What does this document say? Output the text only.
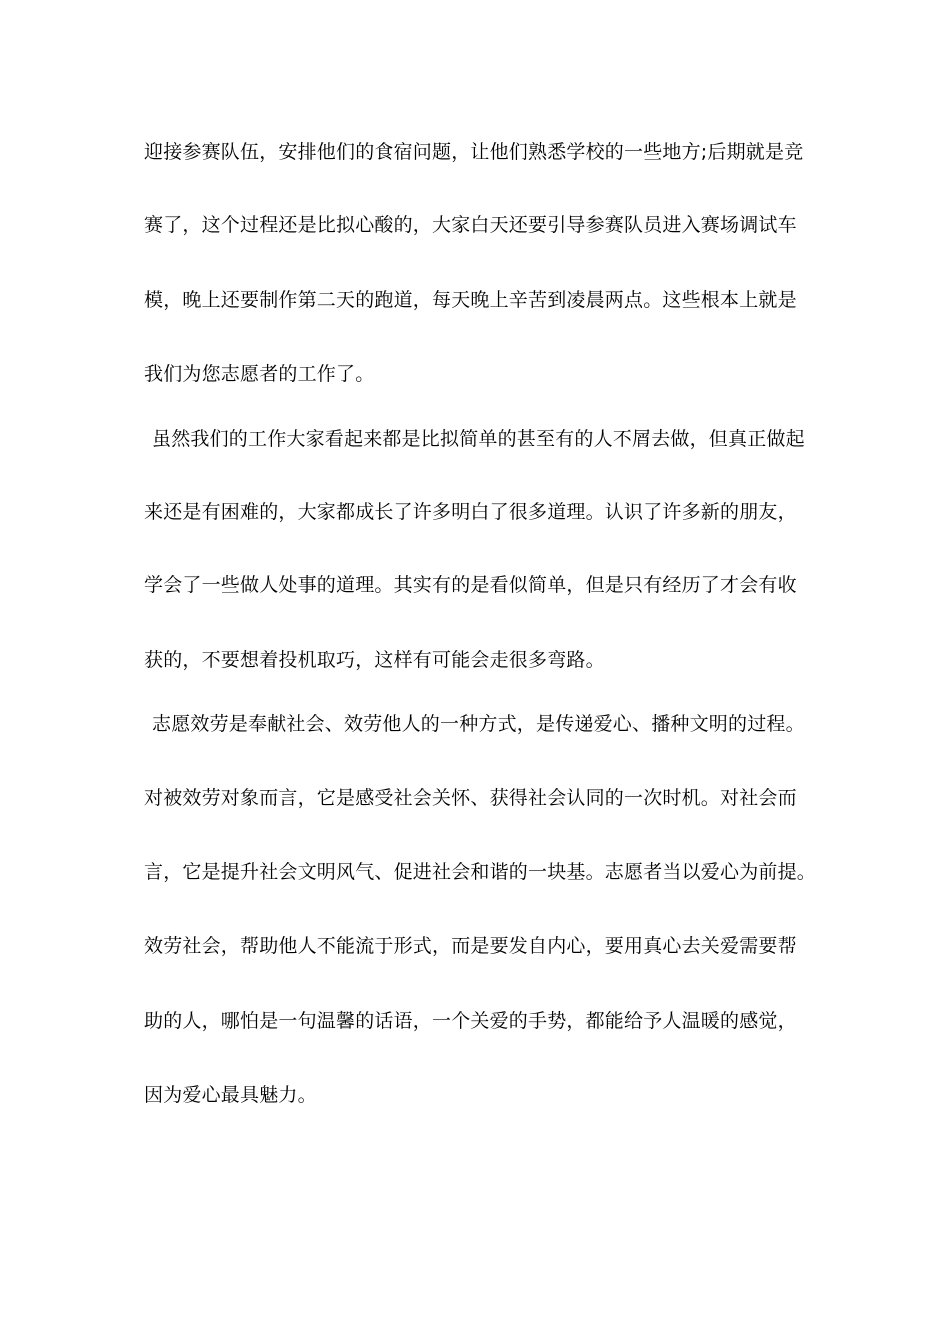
迎接参赛队伍，安排他们的食宿问题，让他们熟悉学校的一些地方;后期就是竞
赛了，这个过程还是比拟心酸的，大家白天还要引导参赛队员进入赛场调试车
模，晚上还要制作第二天的跑道，每天晚上辛苦到凌晨两点。这些根本上就是
我们为您志愿者的工作了。
虽然我们的工作大家看起来都是比拟简单的甚至有的人不屑去做，但真正做起
来还是有困难的，大家都成长了许多明白了很多道理。认识了许多新的朋友，
学会了一些做人处事的道理。其实有的是看似简单，但是只有经历了才会有收
获的，不要想着投机取巧，这样有可能会走很多弯路。
志愿效劳是奉献社会、效劳他人的一种方式，是传递爱心、播种文明的过程。
对被效劳对象而言，它是感受社会关怀、获得社会认同的一次时机。对社会而
言，它是提升社会文明风气、促进社会和谐的一块基。志愿者当以爱心为前提。
效劳社会，帮助他人不能流于形式，而是要发自内心，要用真心去关爱需要帮
助的人，哪怕是一句温馨的话语，一个关爱的手势，都能给予人温暖的感觉，
因为爱心最具魅力。
